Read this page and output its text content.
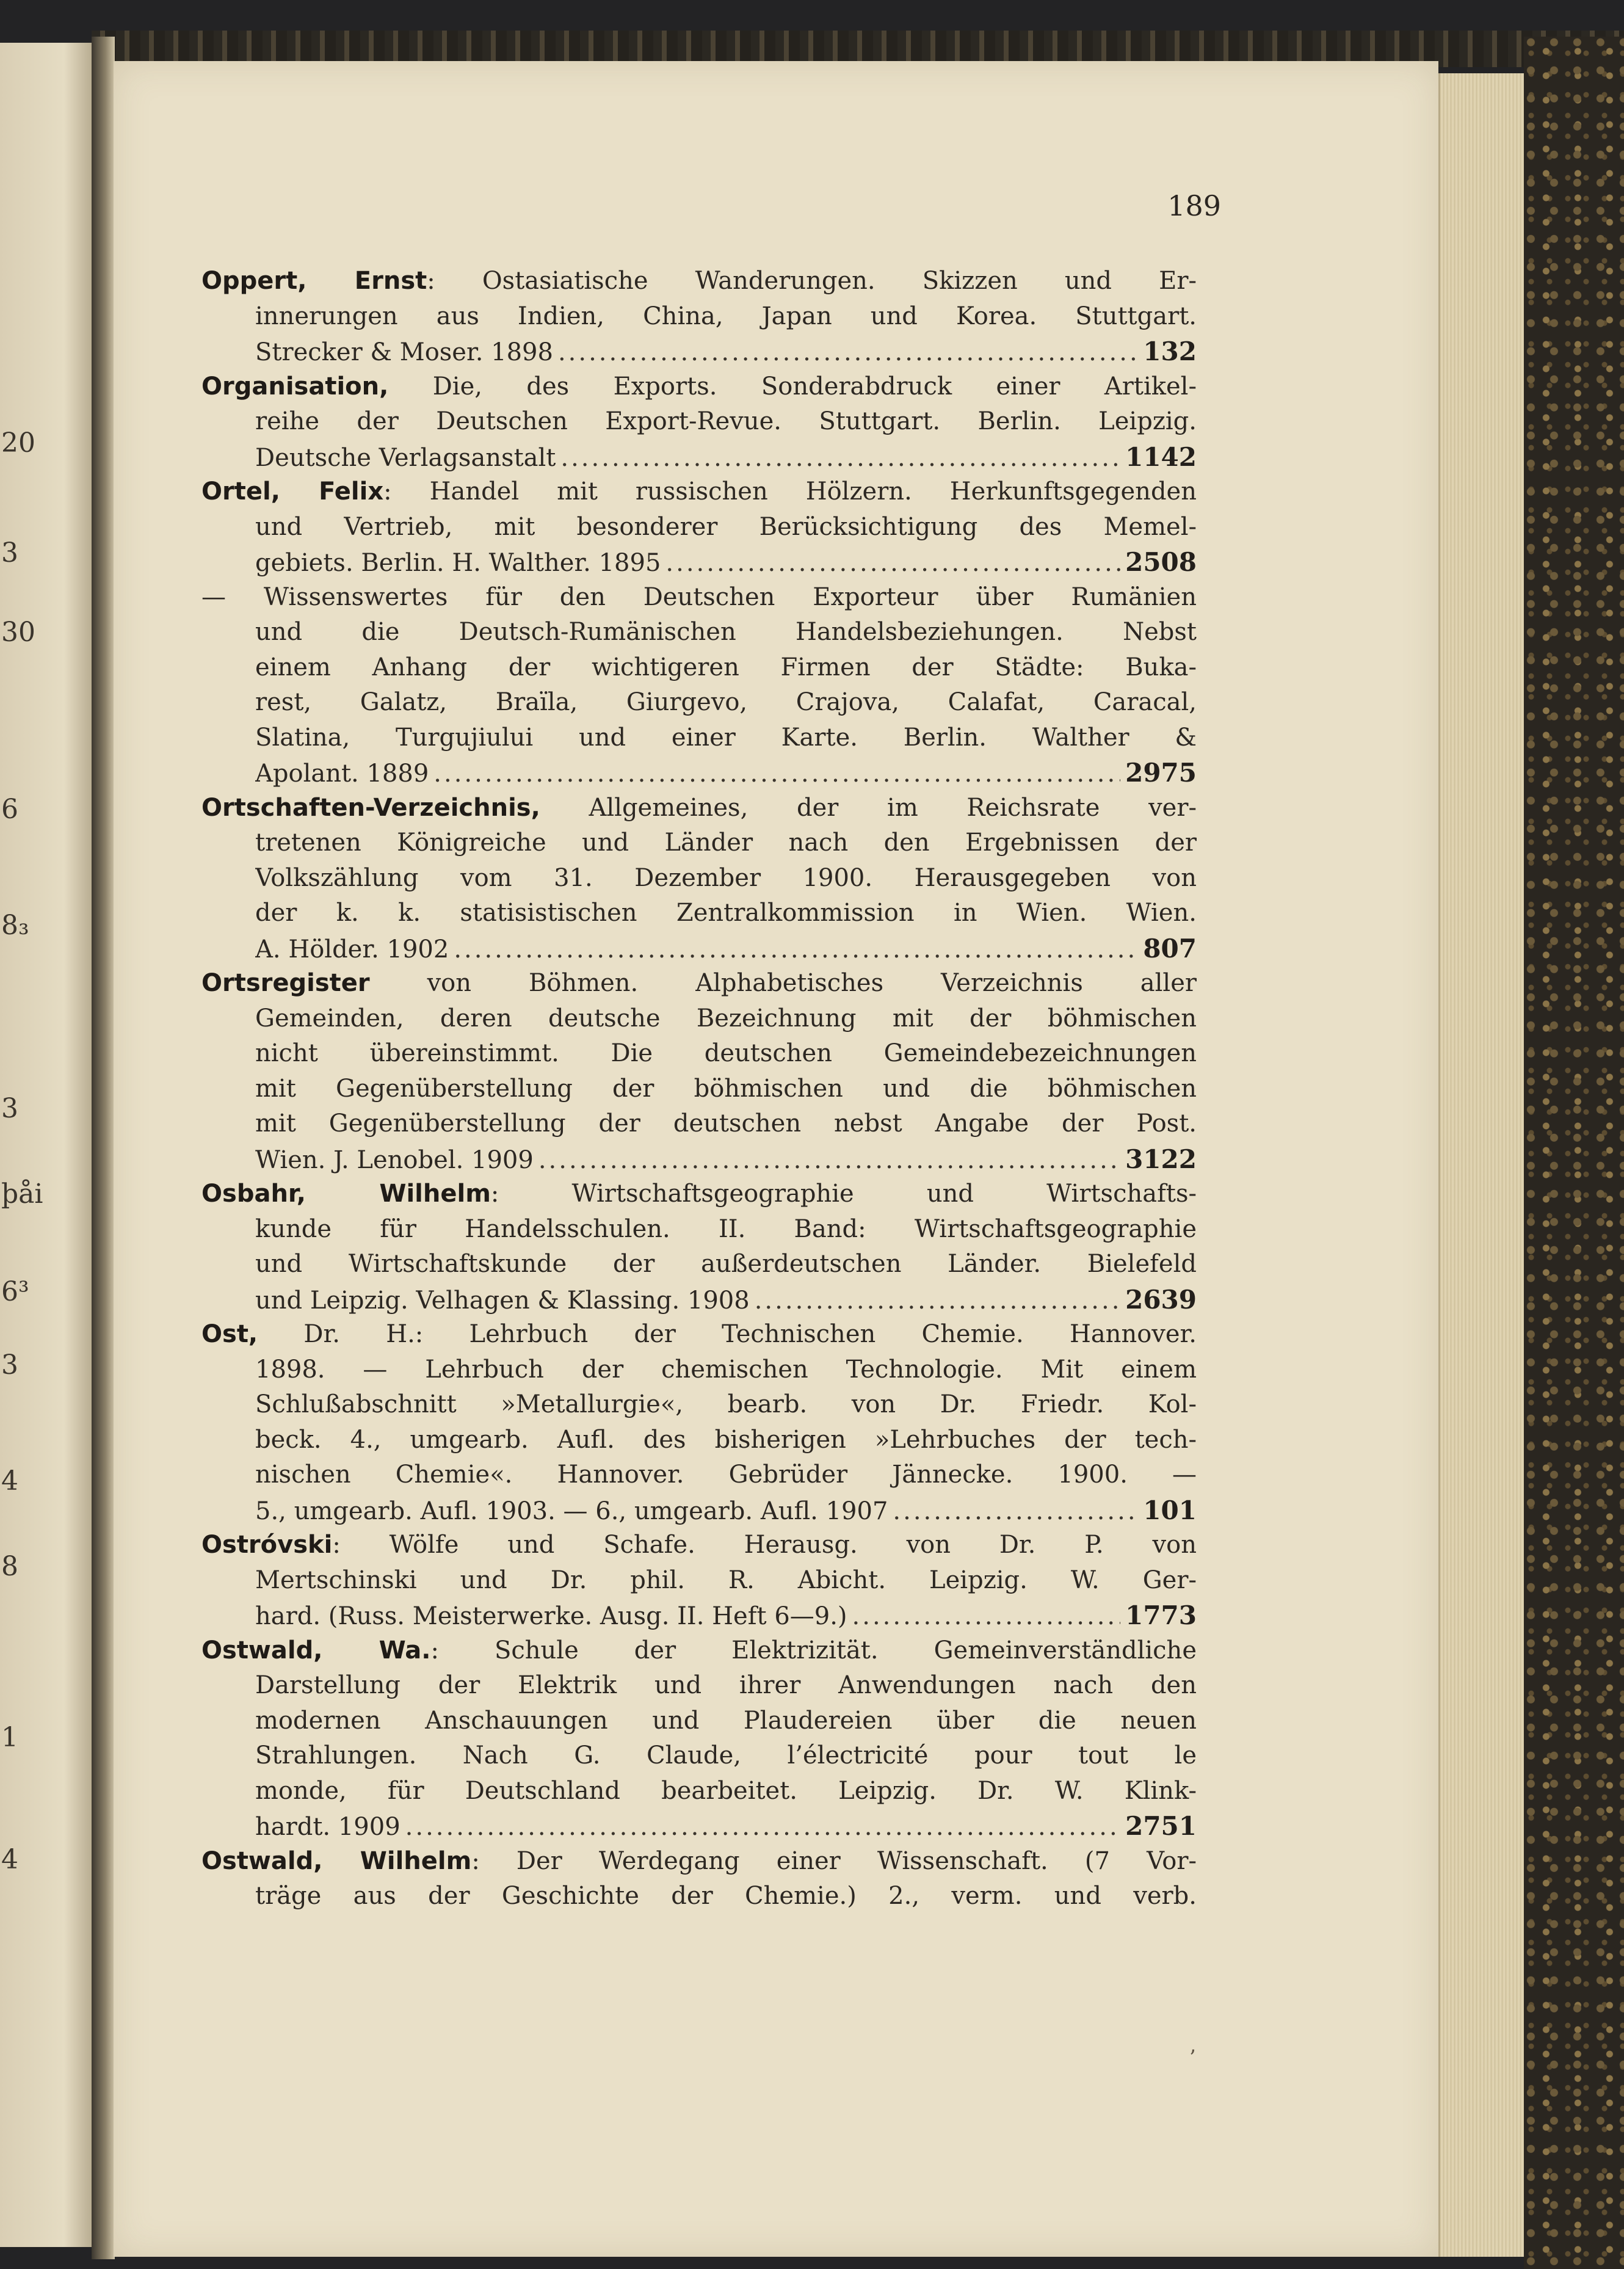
20
3
30
6
8₃
3
þåi
6³
3
4
8
1
4
189
Oppert, Ernst: Ostasiatische Wanderungen. Skizzen und Er-
innerungen aus Indien, China, Japan und Korea. Stuttgart.
Strecker & Moser. 1898 .....	132
Organisation, Die, des Exports. Sonderabdruck einer Artikel-
reihe der Deutschen Export-Revue. Stuttgart. Berlin. Leipzig.
Deutsche Verlagsanstalt .....	1142
Ortel, Felix: Handel mit russischen Hölzern. Herkunftsgegenden
und Vertrieb, mit besonderer Berücksichtigung des Memel-
gebiets. Berlin. H. Walther. 1895 .....	2508
— Wissenswertes für den Deutschen Exporteur über Rumänien
und die Deutsch-Rumänischen Handelsbeziehungen. Nebst
einem Anhang der wichtigeren Firmen der Städte: Buka-
rest, Galatz, Braïla, Giurgevo, Crajova, Calafat, Caracal,
Slatina, Turgujiului und einer Karte. Berlin. Walther &
Apolant. 1889 .....	2975
Ortschaften-Verzeichnis, Allgemeines, der im Reichsrate ver-
tretenen Königreiche und Länder nach den Ergebnissen der
Volkszählung vom 31. Dezember 1900. Herausgegeben von
der k. k. statisistischen Zentralkommission in Wien. Wien.
A. Hölder. 1902 .....	807
Ortsregister von Böhmen. Alphabetisches Verzeichnis aller
Gemeinden, deren deutsche Bezeichnung mit der böhmischen
nicht übereinstimmt. Die deutschen Gemeindebezeichnungen
mit Gegenüberstellung der böhmischen und die böhmischen
mit Gegenüberstellung der deutschen nebst Angabe der Post.
Wien. J. Lenobel. 1909 .....	3122
Osbahr, Wilhelm: Wirtschaftsgeographie und Wirtschafts-
kunde für Handelsschulen. II. Band: Wirtschaftsgeographie
und Wirtschaftskunde der außerdeutschen Länder. Bielefeld
und Leipzig. Velhagen & Klassing. 1908 .....	2639
Ost, Dr. H.: Lehrbuch der Technischen Chemie. Hannover.
1898. — Lehrbuch der chemischen Technologie. Mit einem
Schlußabschnitt »Metallurgie«, bearb. von Dr. Friedr. Kol-
beck. 4., umgearb. Aufl. des bisherigen »Lehrbuches der tech-
nischen Chemie«. Hannover. Gebrüder Jännecke. 1900. —
5., umgearb. Aufl. 1903. — 6., umgearb. Aufl. 1907 .....	101
Ostróvski: Wölfe und Schafe. Herausg. von Dr. P. von
Mertschinski und Dr. phil. R. Abicht. Leipzig. W. Ger-
hard. (Russ. Meisterwerke. Ausg. II. Heft 6—9.) .....	1773
Ostwald, Wa.: Schule der Elektrizität. Gemeinverständliche
Darstellung der Elektrik und ihrer Anwendungen nach den
modernen Anschauungen und Plaudereien über die neuen
Strahlungen. Nach G. Claude, l’électricité pour tout le
monde, für Deutschland bearbeitet. Leipzig. Dr. W. Klink-
hardt. 1909 .....	2751
Ostwald, Wilhelm: Der Werdegang einer Wissenschaft. (7 Vor-
träge aus der Geschichte der Chemie.) 2., verm. und verb.
’
